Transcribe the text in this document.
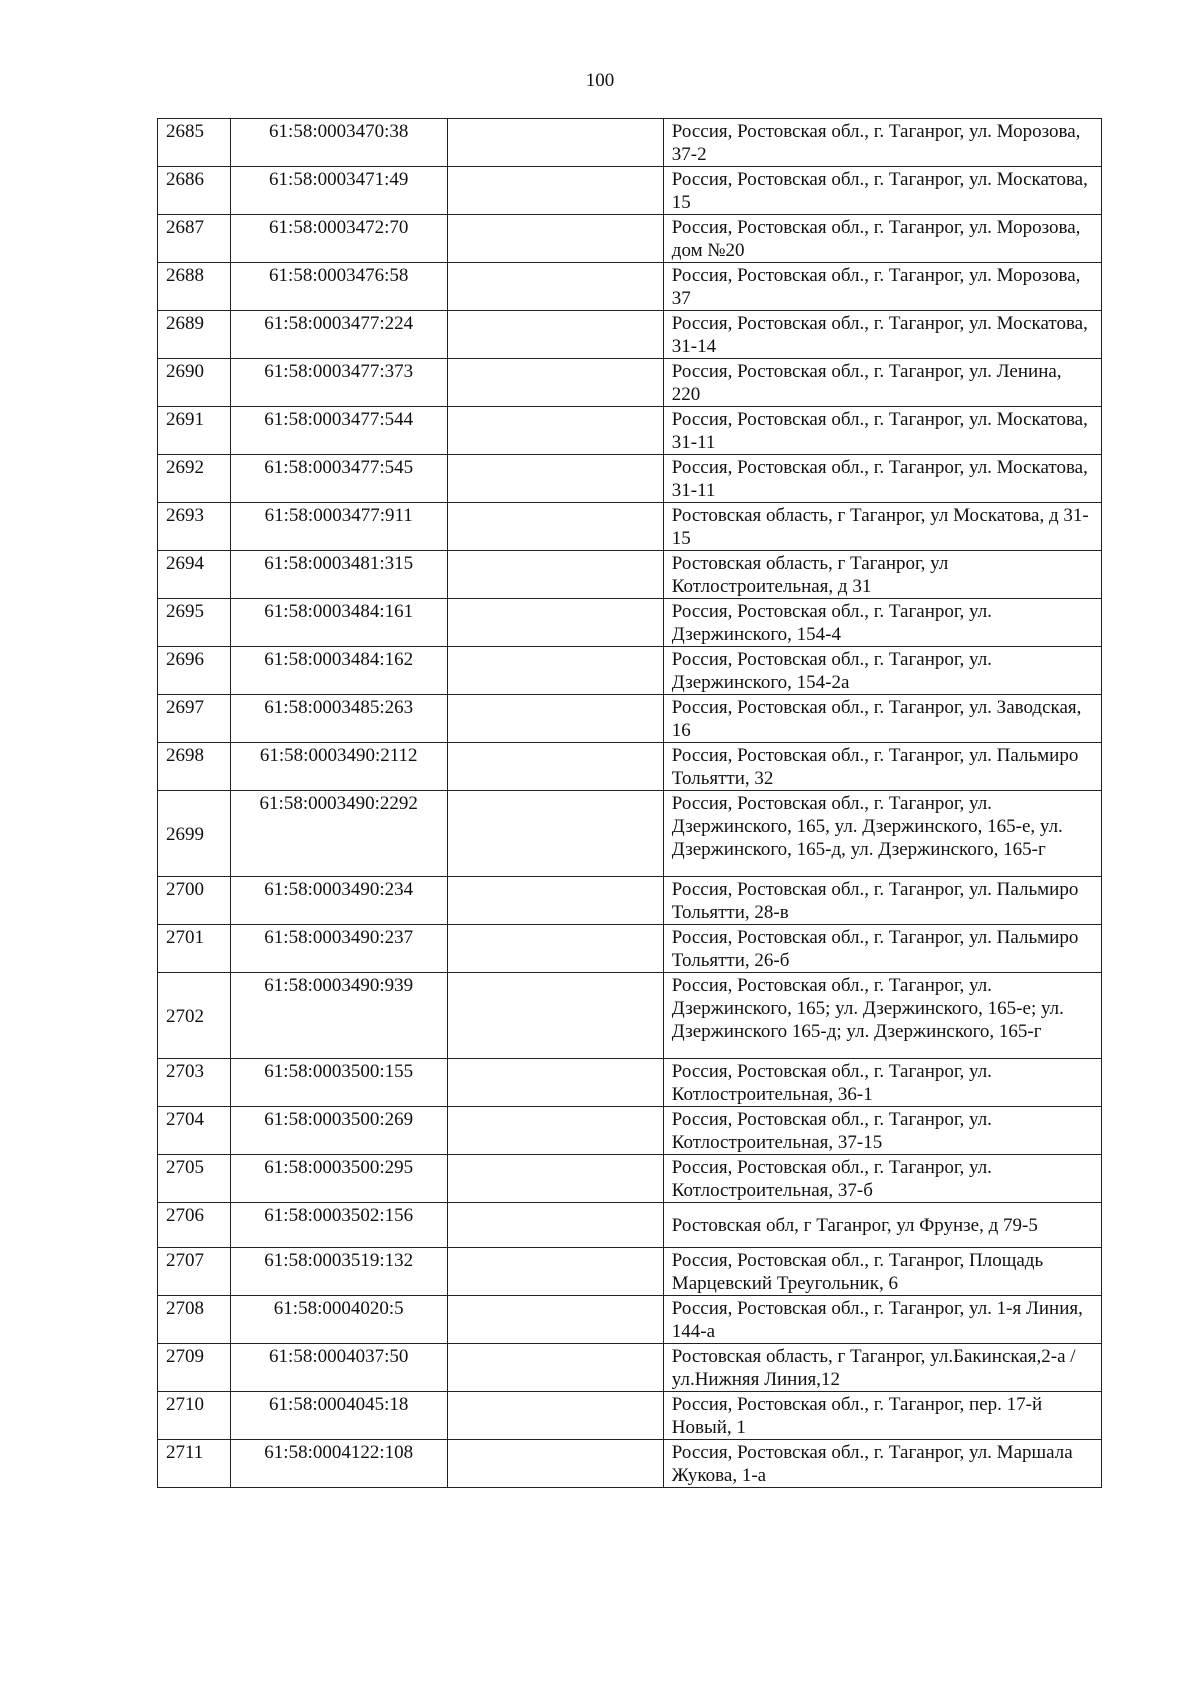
100
2685	61:58:0003470:38		Россия, Ростовская обл., г. Таганрог, ул. Морозова, 37-2
2686	61:58:0003471:49		Россия, Ростовская обл., г. Таганрог, ул. Москатова, 15
2687	61:58:0003472:70		Россия, Ростовская обл., г. Таганрог, ул. Морозова, дом №20
2688	61:58:0003476:58		Россия, Ростовская обл., г. Таганрог, ул. Морозова, 37
2689	61:58:0003477:224		Россия, Ростовская обл., г. Таганрог, ул. Москатова, 31-14
2690	61:58:0003477:373		Россия, Ростовская обл., г. Таганрог, ул. Ленина, 220
2691	61:58:0003477:544		Россия, Ростовская обл., г. Таганрог, ул. Москатова, 31-11
2692	61:58:0003477:545		Россия, Ростовская обл., г. Таганрог, ул. Москатова, 31-11
2693	61:58:0003477:911		Ростовская область, г Таганрог, ул Москатова, д 31-15
2694	61:58:0003481:315		Ростовская область, г Таганрог, ул Котлостроительная, д 31
2695	61:58:0003484:161		Россия, Ростовская обл., г. Таганрог, ул. Дзержинского, 154-4
2696	61:58:0003484:162		Россия, Ростовская обл., г. Таганрог, ул. Дзержинского, 154-2а
2697	61:58:0003485:263		Россия, Ростовская обл., г. Таганрог, ул. Заводская, 16
2698	61:58:0003490:2112		Россия, Ростовская обл., г. Таганрог, ул. Пальмиро Тольятти, 32
2699	61:58:0003490:2292		Россия, Ростовская обл., г. Таганрог, ул. Дзержинского, 165, ул. Дзержинского, 165-е, ул. Дзержинского, 165-д, ул. Дзержинского, 165-г
2700	61:58:0003490:234		Россия, Ростовская обл., г. Таганрог, ул. Пальмиро Тольятти, 28-в
2701	61:58:0003490:237		Россия, Ростовская обл., г. Таганрог, ул. Пальмиро Тольятти, 26-б
2702	61:58:0003490:939		Россия, Ростовская обл., г. Таганрог, ул. Дзержинского, 165; ул. Дзержинского, 165-е; ул. Дзержинского 165-д; ул. Дзержинского, 165-г
2703	61:58:0003500:155		Россия, Ростовская обл., г. Таганрог, ул. Котлостроительная, 36-1
2704	61:58:0003500:269		Россия, Ростовская обл., г. Таганрог, ул. Котлостроительная, 37-15
2705	61:58:0003500:295		Россия, Ростовская обл., г. Таганрог, ул. Котлостроительная, 37-б
2706	61:58:0003502:156		Ростовская обл, г Таганрог, ул Фрунзе, д 79-5
2707	61:58:0003519:132		Россия, Ростовская обл., г. Таганрог, Площадь Марцевский Треугольник, 6
2708	61:58:0004020:5		Россия, Ростовская обл., г. Таганрог, ул. 1-я Линия, 144-а
2709	61:58:0004037:50		Ростовская область, г Таганрог, ул.Бакинская,2-а / ул.Нижняя Линия,12
2710	61:58:0004045:18		Россия, Ростовская обл., г. Таганрог, пер. 17-й Новый, 1
2711	61:58:0004122:108		Россия, Ростовская обл., г. Таганрог, ул. Маршала Жукова, 1-а
